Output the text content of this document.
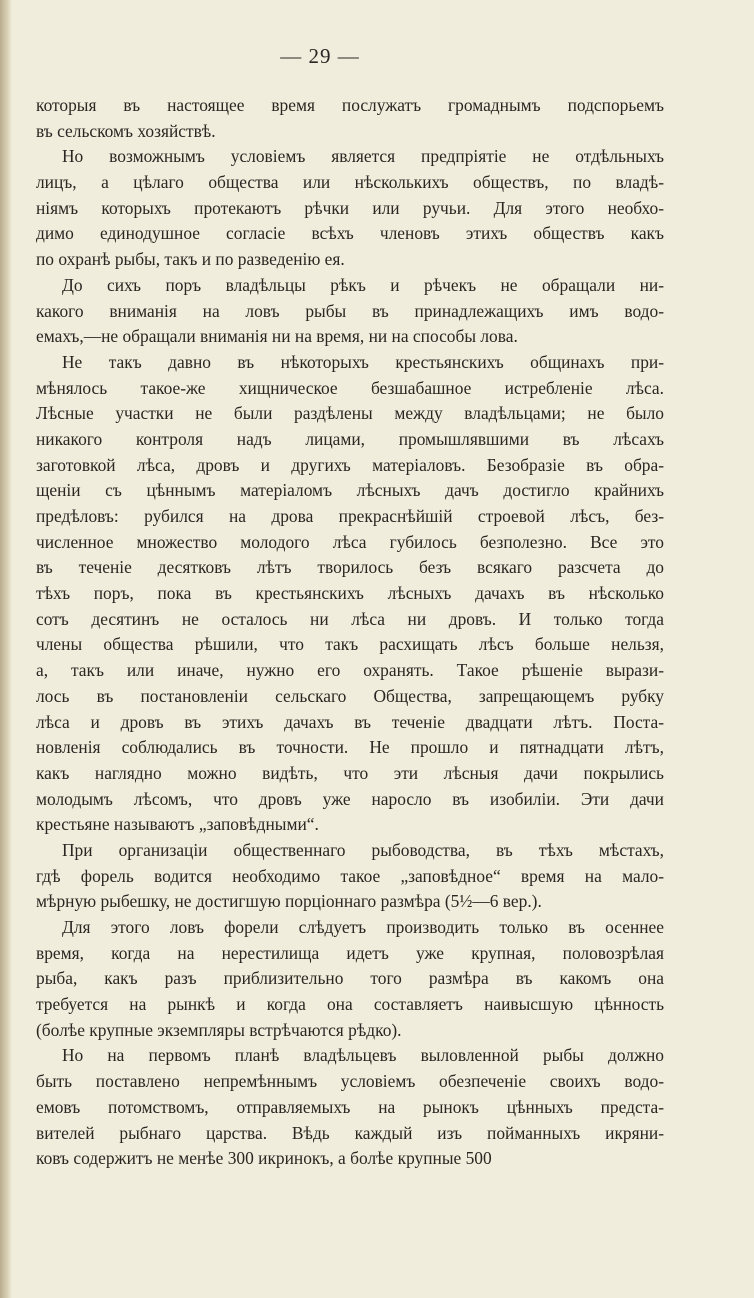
— 29 —
которыя въ настоящее время послужатъ громаднымъ подспорьемъ
въ сельскомъ хозяйствѣ.
Но возможнымъ условіемъ является предпріятіе не отдѣльныхъ
лицъ, а цѣлаго общества или нѣсколькихъ обществъ, по владѣ-
ніямъ которыхъ протекаютъ рѣчки или ручьи. Для этого необхо-
димо единодушное согласіе всѣхъ членовъ этихъ обществъ какъ
по охранѣ рыбы, такъ и по разведенію ея.
До сихъ поръ владѣльцы рѣкъ и рѣчекъ не обращали ни-
какого вниманія на ловъ рыбы въ принадлежащихъ имъ водо-
емахъ,—не обращали вниманія ни на время, ни на способы лова.
Не такъ давно въ нѣкоторыхъ крестьянскихъ общинахъ при-
мѣнялось такое-же хищническое безшабашное истребленіе лѣса.
Лѣсные участки не были раздѣлены между владѣльцами; не было
никакого контроля надъ лицами, промышлявшими въ лѣсахъ
заготовкой лѣса, дровъ и другихъ матеріаловъ. Безобразіе въ обра-
щеніи съ цѣннымъ матеріаломъ лѣсныхъ дачъ достигло крайнихъ
предѣловъ: рубился на дрова прекраснѣйшій строевой лѣсъ, без-
численное множество молодого лѣса губилось безполезно. Все это
въ теченіе десятковъ лѣтъ творилось безъ всякаго разсчета до
тѣхъ поръ, пока въ крестьянскихъ лѣсныхъ дачахъ въ нѣсколько
сотъ десятинъ не осталось ни лѣса ни дровъ. И только тогда
члены общества рѣшили, что такъ расхищать лѣсъ больше нельзя,
а, такъ или иначе, нужно его охранять. Такое рѣшеніе вырази-
лось въ постановленіи сельскаго Общества, запрещающемъ рубку
лѣса и дровъ въ этихъ дачахъ въ теченіе двадцати лѣтъ. Поста-
новленія соблюдались въ точности. Не прошло и пятнадцати лѣтъ,
какъ наглядно можно видѣть, что эти лѣсныя дачи покрылись
молодымъ лѣсомъ, что дровъ уже наросло въ изобиліи. Эти дачи
крестьяне называютъ „заповѣдными“.
При организаціи общественнаго рыбоводства, въ тѣхъ мѣстахъ,
гдѣ форель водится необходимо такое „заповѣдное“ время на мало-
мѣрную рыбешку, не достигшую порціоннаго размѣра (5½—6 вер.).
Для этого ловъ форели слѣдуетъ производить только въ осеннее
время, когда на нерестилища идетъ уже крупная, половозрѣлая
рыба, какъ разъ приблизительно того размѣра въ какомъ она
требуется на рынкѣ и когда она составляетъ наивысшую цѣнность
(болѣе крупные экземпляры встрѣчаются рѣдко).
Но на первомъ планѣ владѣльцевъ выловленной рыбы должно
быть поставлено непремѣннымъ условіемъ обезпеченіе своихъ водо-
емовъ потомствомъ, отправляемыхъ на рынокъ цѣнныхъ предста-
вителей рыбнаго царства. Вѣдь каждый изъ пойманныхъ икряни-
ковъ содержитъ не менѣе 300 икринокъ, а болѣе крупные 500
